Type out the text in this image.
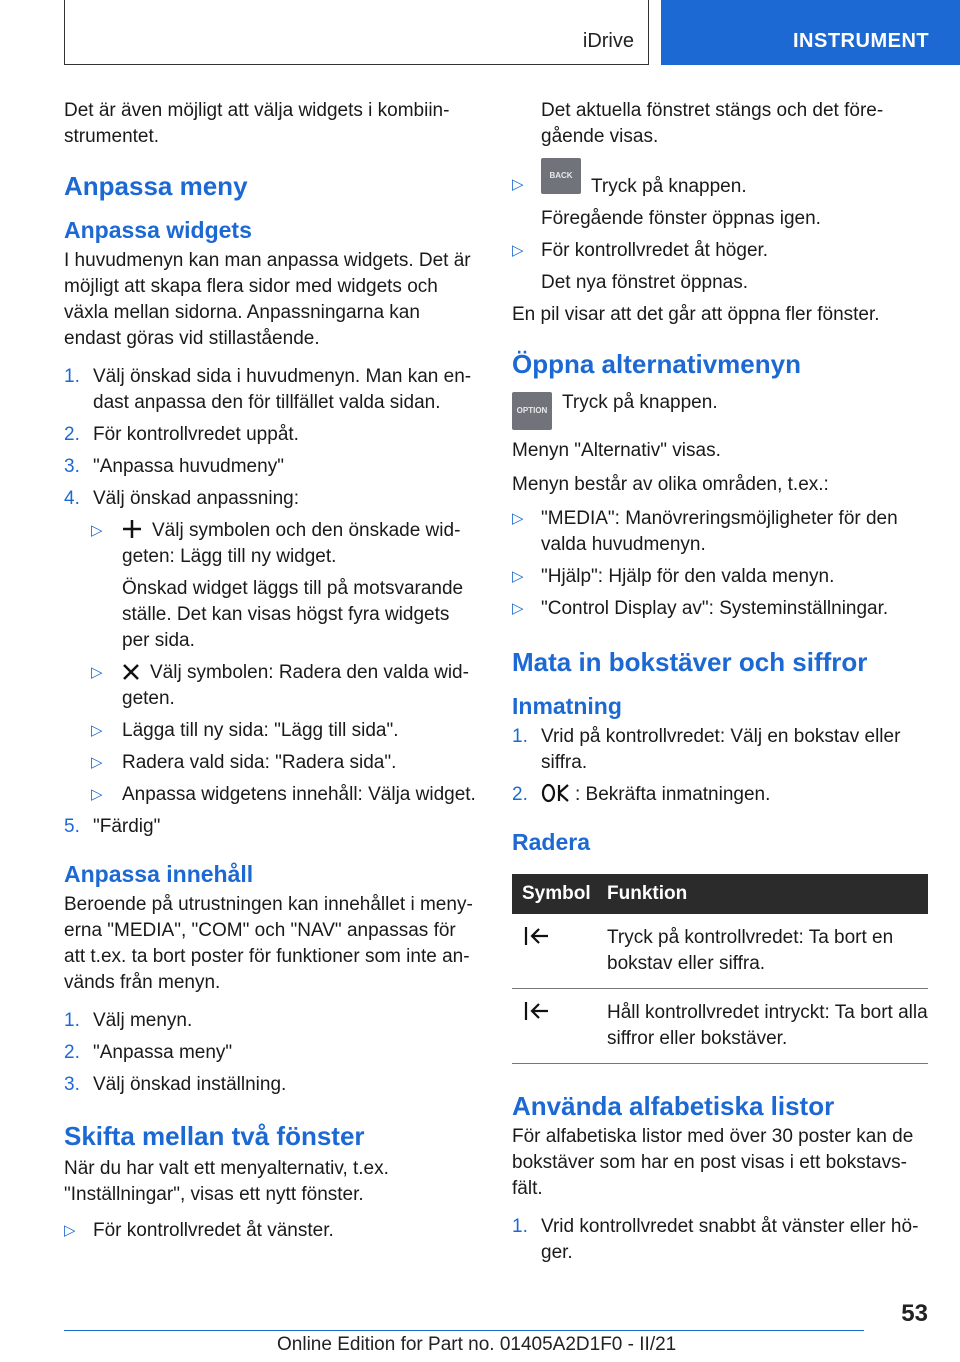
iDrive	INSTRUMENT

Det är även möjligt att välja widgets i kombiinstrumentet.

Anpassa meny
Anpassa widgets

I huvudmenyn kan man anpassa widgets. Det är möjligt att skapa flera sidor med widgets och växla mellan sidorna. Anpassningarna kan endast göras vid stillastående.

1. Välj önskad sida i huvudmenyn. Man kan endast anpassa den för tillfället valda sidan.
2. För kontrollvredet uppåt.
3. "Anpassa huvudmeny"
4. Välj önskad anpassning:
▷	Välj symbolen och den önskade widgeten: Lägg till ny widget.
Önskad widget läggs till på motsvarande ställe. Det kan visas högst fyra widgets per sida.
▷ Välj symbolen: Radera den valda widgeten.
▷ Lägga till ny sida: "Lägg till sida".
▷ Radera vald sida: "Radera sida".
▷ Anpassa widgetens innehåll: Välja widget.
5. "Färdig"
Anpassa innehåll

Beroende på utrustningen kan innehållet i menyerna "MEDIA", "COM" och "NAV" anpassas för att t.ex. ta bort poster för funktioner som inte används från menyn.

1. Välj menyn.
2. "Anpassa meny"
3. Välj önskad inställning.
Skifta mellan två fönster

När du har valt ett menyalternativ, t.ex. "Inställningar", visas ett nytt fönster.

▷ För kontrollvredet åt vänster.
Det aktuella fönstret stängs och det föregående visas.
▷
BACKTryck på knappen.
Föregående fönster öppnas igen.
▷ För kontrollvredet åt höger.
Det nya fönstret öppnas.

En pil visar att det går att öppna fler fönster.

Öppna alternativmenyn
OPTION Tryck på knappen.

Menyn "Alternativ" visas.

Menyn består av olika områden, t.ex.:

▷ "MEDIA": Manövreringsmöjligheter för den valda huvudmenyn.
▷ "Hjälp": Hjälp för den valda menyn.
▷ "Control Display av": Systeminställningar.
Mata in bokstäver och siffror
Inmatning
1. Vrid på kontrollvredet: Välj en bokstav eller siffra.
2. : Bekräfta inmatningen.
Radera
Symbol	Funktion
	Tryck på kontrollvredet: Ta bort en bokstav eller siffra.
	Håll kontrollvredet intryckt: Ta bort alla siffror eller bokstäver.
Använda alfabetiska listor

För alfabetiska listor med över 30 poster kan de bokstäver som har en post visas i ett bokstavsfält.

1. Vrid kontrollvredet snabbt åt vänster eller höger.
53
Online Edition for Part no. 01405A2D1F0 - II/21
